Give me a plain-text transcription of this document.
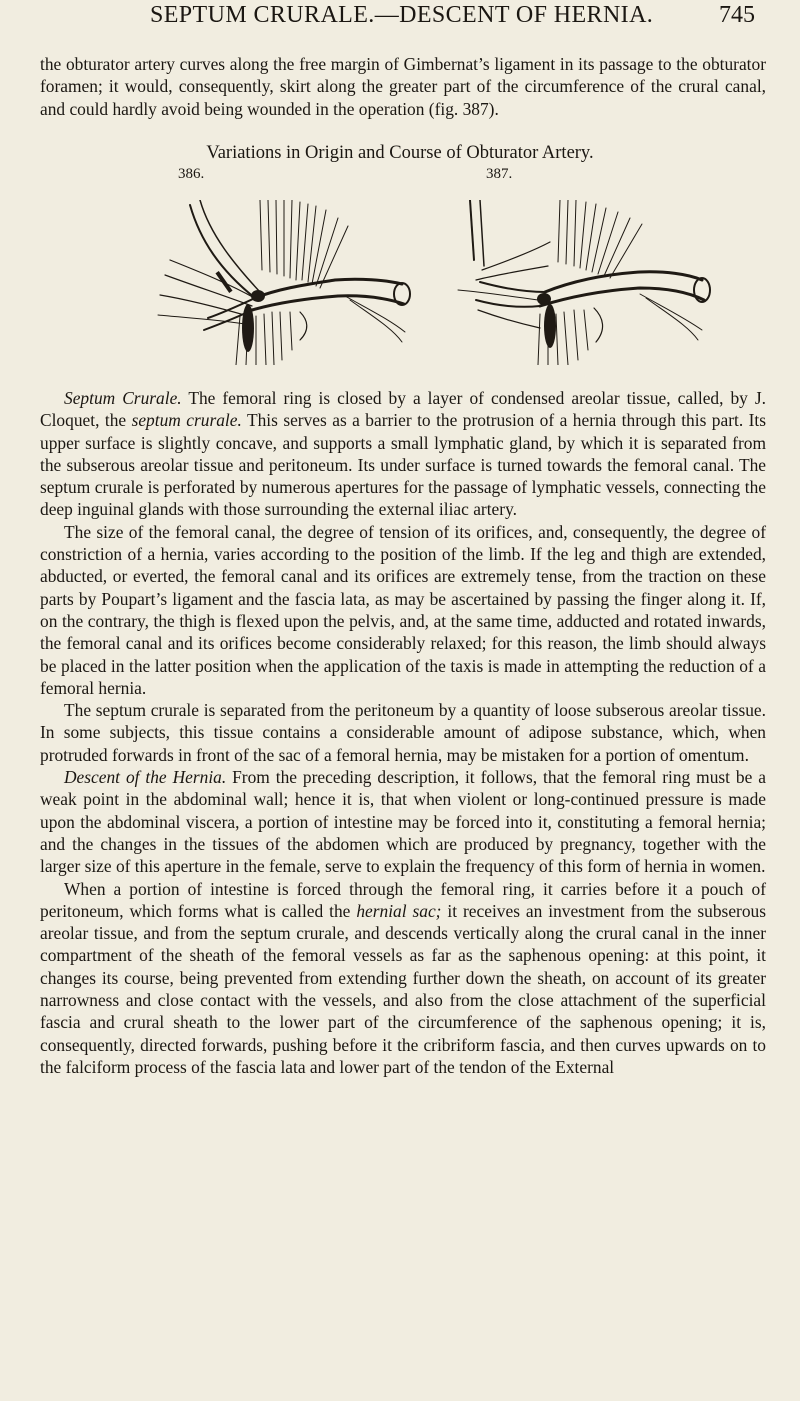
SEPTUM CRURALE.—DESCENT OF HERNIA.	745

the obturator artery curves along the free margin of Gimbernat’s ligament in its passage to the obturator foramen; it would, consequently, skirt along the greater part of the circumference of the crural canal, and could hardly avoid being wounded in the operation (fig. 387).

Variations in Origin and Course of Obturator Artery.
386.	387.

Septum Crurale. The femoral ring is closed by a layer of condensed areolar tissue, called, by J. Cloquet, the septum crurale. This serves as a barrier to the protrusion of a hernia through this part. Its upper surface is slightly concave, and supports a small lymphatic gland, by which it is separated from the subserous areolar tissue and peritoneum. Its under surface is turned towards the femoral canal. The septum crurale is perforated by numerous apertures for the passage of lymphatic vessels, connecting the deep inguinal glands with those surrounding the external iliac artery.

The size of the femoral canal, the degree of tension of its orifices, and, consequently, the degree of constriction of a hernia, varies according to the position of the limb. If the leg and thigh are extended, abducted, or everted, the femoral canal and its orifices are extremely tense, from the traction on these parts by Poupart’s ligament and the fascia lata, as may be ascertained by passing the finger along it. If, on the contrary, the thigh is flexed upon the pelvis, and, at the same time, adducted and rotated inwards, the femoral canal and its orifices become considerably relaxed; for this reason, the limb should always be placed in the latter position when the application of the taxis is made in attempting the reduction of a femoral hernia.

The septum crurale is separated from the peritoneum by a quantity of loose subserous areolar tissue. In some subjects, this tissue contains a considerable amount of adipose substance, which, when protruded forwards in front of the sac of a femoral hernia, may be mistaken for a portion of omentum.

Descent of the Hernia. From the preceding description, it follows, that the femoral ring must be a weak point in the abdominal wall; hence it is, that when violent or long-continued pressure is made upon the abdominal viscera, a portion of intestine may be forced into it, constituting a femoral hernia; and the changes in the tissues of the abdomen which are produced by pregnancy, together with the larger size of this aperture in the female, serve to explain the frequency of this form of hernia in women.

When a portion of intestine is forced through the femoral ring, it carries before it a pouch of peritoneum, which forms what is called the hernial sac; it receives an investment from the subserous areolar tissue, and from the septum crurale, and descends vertically along the crural canal in the inner compartment of the sheath of the femoral vessels as far as the saphenous opening: at this point, it changes its course, being prevented from extending further down the sheath, on account of its greater narrowness and close contact with the vessels, and also from the close attachment of the superficial fascia and crural sheath to the lower part of the circumference of the saphenous opening; it is, consequently, directed forwards, pushing before it the cribriform fascia, and then curves upwards on to the falciform process of the fascia lata and lower part of the tendon of the External
